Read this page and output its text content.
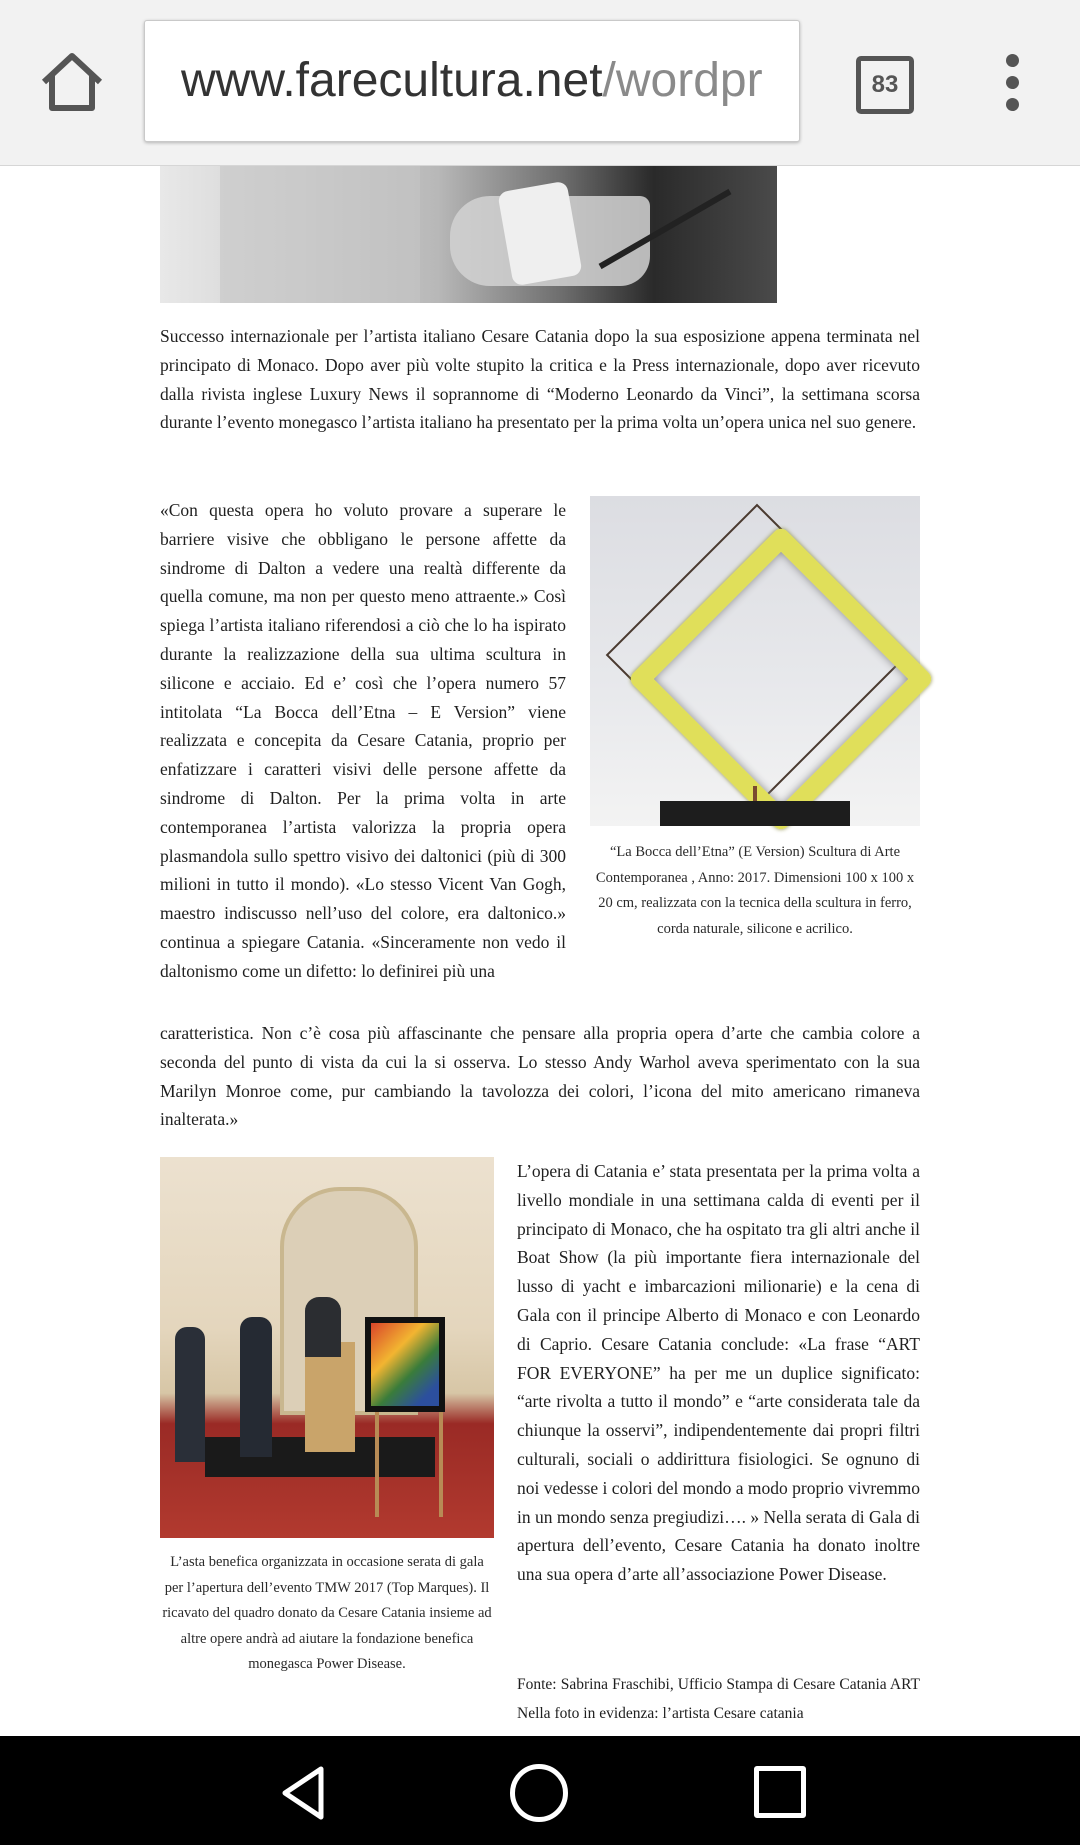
www.farecultura.net/wordpr	83

Successo internazionale per l’artista italiano Cesare Catania dopo la sua esposizione appena terminata nel principato di Monaco. Dopo aver più volte stupito la critica e la Press internazionale, dopo aver ricevuto dalla rivista inglese Luxury News il soprannome di “Moderno Leonardo da Vinci”, la settimana scorsa durante l’evento monegasco l’artista italiano ha presentato per la prima volta un’opera unica nel suo genere.

«Con questa opera ho voluto provare a superare le barriere visive che obbligano le persone affette da sindrome di Dalton a vedere una realtà differente da quella comune, ma non per questo meno attraente.» Così spiega l’artista italiano riferendosi a ciò che lo ha ispirato durante la realizzazione della sua ultima scultura in silicone e acciaio. Ed e’ così che l’opera numero 57 intitolata “La Bocca dell’Etna – E Version” viene realizzata e concepita da Cesare Catania, proprio per enfatizzare i caratteri visivi delle persone affette da sindrome di Dalton. Per la prima volta in arte contemporanea l’artista valorizza la propria opera plasmandola sullo spettro visivo dei daltonici (più di 300 milioni in tutto il mondo). «Lo stesso Vicent Van Gogh, maestro indiscusso nell’uso del colore, era daltonico.» continua a spiegare Catania. «Sinceramente non vedo il daltonismo come un difetto: lo definirei più una

“La Bocca dell’Etna” (E Version) Scultura di Arte Contemporanea , Anno: 2017. Dimensioni 100 x 100 x 20 cm, realizzata con la tecnica della scultura in ferro, corda naturale, silicone e acrilico.

caratteristica. Non c’è cosa più affascinante che pensare alla propria opera d’arte che cambia colore a seconda del punto di vista da cui la si osserva. Lo stesso Andy Warhol aveva sperimentato con la sua Marilyn Monroe come, pur cambiando la tavolozza dei colori, l’icona del mito americano rimaneva inalterata.»

L’asta benefica organizzata in occasione serata di gala per l’apertura dell’evento TMW 2017 (Top Marques). Il ricavato del quadro donato da Cesare Catania insieme ad altre opere andrà ad aiutare la fondazione benefica monegasca Power Disease.

L’opera di Catania e’ stata presentata per la prima volta a livello mondiale in una settimana calda di eventi per il principato di Monaco, che ha ospitato tra gli altri anche il Boat Show (la più importante fiera internazionale del lusso di yacht e imbarcazioni milionarie) e la cena di Gala con il principe Alberto di Monaco e con Leonardo di Caprio. Cesare Catania conclude: «La frase “ART FOR EVERYONE” ha per me un duplice significato: “arte rivolta a tutto il mondo” e “arte considerata tale da chiunque la osservi”, indipendentemente dai propri filtri culturali, sociali o addirittura fisiologici. Se ognuno di noi vedesse i colori del mondo a modo proprio vivremmo in un mondo senza pregiudizi…. » Nella serata di Gala di apertura dell’evento, Cesare Catania ha donato inoltre una sua opera d’arte all’associazione Power Disease.

Fonte: Sabrina Fraschibi, Ufficio Stampa di Cesare Catania ART Nella foto in evidenza: l’artista Cesare catania
